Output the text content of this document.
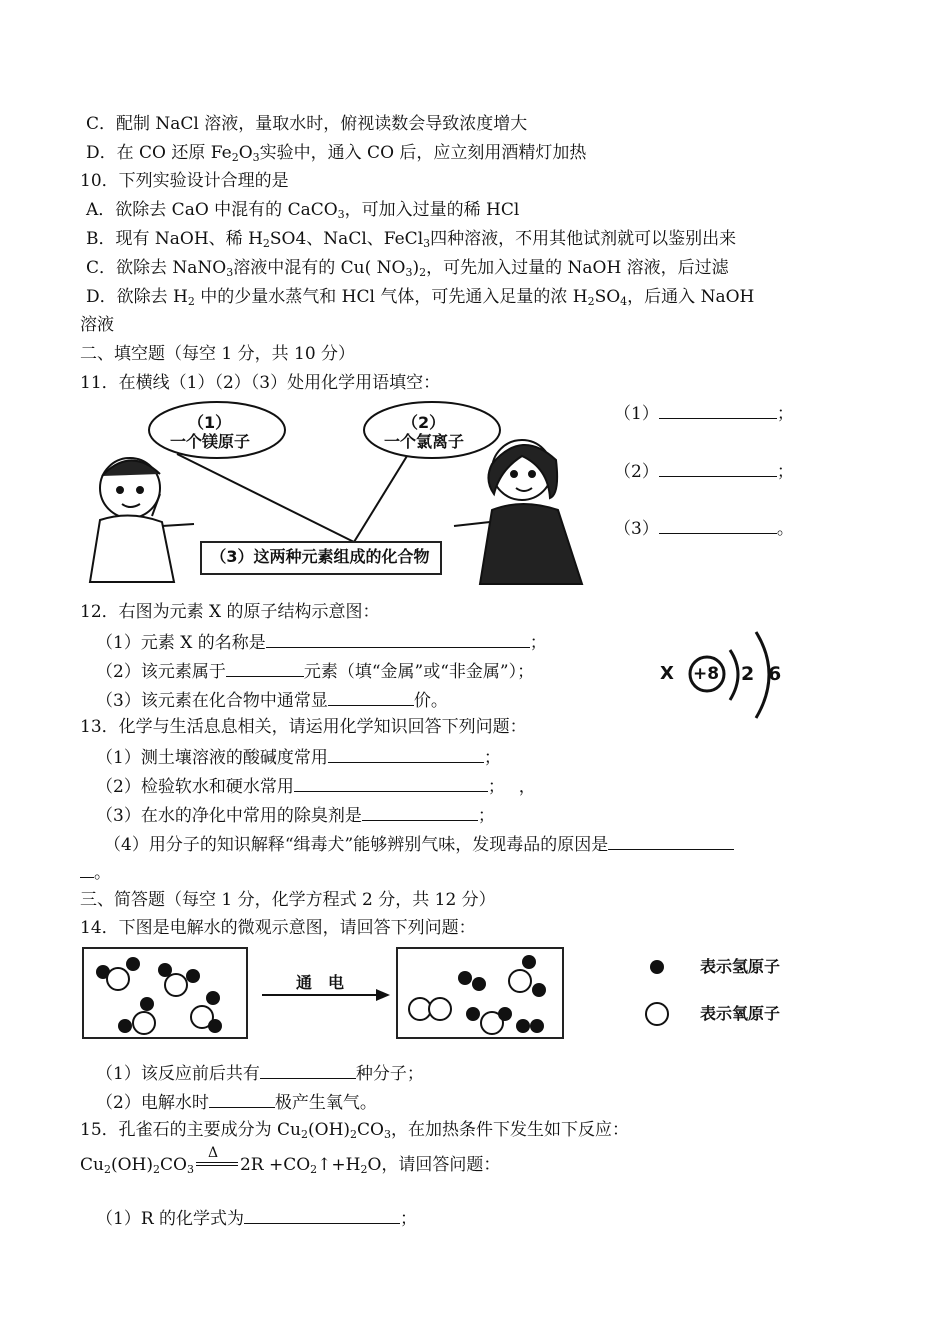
C．配制 NaCl 溶液，量取水时，俯视读数会导致浓度增大
D．在 CO 还原 $Fe_2O_3$实验中，通入 CO 后，应立刻用酒精灯加热
10．下列实验设计合理的是
A．欲除去 CaO 中混有的 CaCO$_3$，可加入过量的稀 HCl
B．现有 NaOH、稀 $H_2SO4$、NaCl、FeCl$_3$四种溶液，不用其他试剂就可以鉴别出来
C．欲除去 NaNO$_3$溶液中混有的 Cu( $NO_3)_2$，可先加入过量的 NaOH 溶液，后过滤
D．欲除去 $H_2$ 中的少量水蒸气和 HCl 气体，可先通入足量的浓 $H_2SO_4$，后通入 NaOH
溶液
二、填空题（每空 1 分，共 10 分）
11．在横线（1）（2）（3）处用化学用语填空：
（1）
一个镁原子
（2）
一个氯离子
（3）这两种元素组成的化合物
（1）	；
（2）	；
（3）	。
12．右图为元素 X 的原子结构示意图：
（1）元素 X 的名称是	；
（2）该元素属于	元素（填“金属”或“非金属”）；
（3）该元素在化合物中通常显	价。
X +8 2 6
13．化学与生活息息相关，请运用化学知识回答下列问题：
（1）测土壤溶液的酸碱度常用	；
（2）检验软水和硬水常用	；　 ，
（3）在水的净化中常用的除臭剂是	；
（4）用分子的知识解释“缉毒犬”能够辨别气味，发现毒品的原因是
。
三、简答题（每空 1 分，化学方程式 2 分，共 12 分）
14．下图是电解水的微观示意图，请回答下列问题：
通　电
表示氢原子
表示氧原子
（1）该反应前后共有	种分子；
（2）电解水时	极产生氧气。
15．孔雀石的主要成分为 $Cu_2(OH)_2CO_3$，在加热条件下发生如下反应：
$Cu_2(OH)_2CO_3$
Δ
$2R +CO_2↑+H_2O$，请回答问题：
（1）R 的化学式为	；
